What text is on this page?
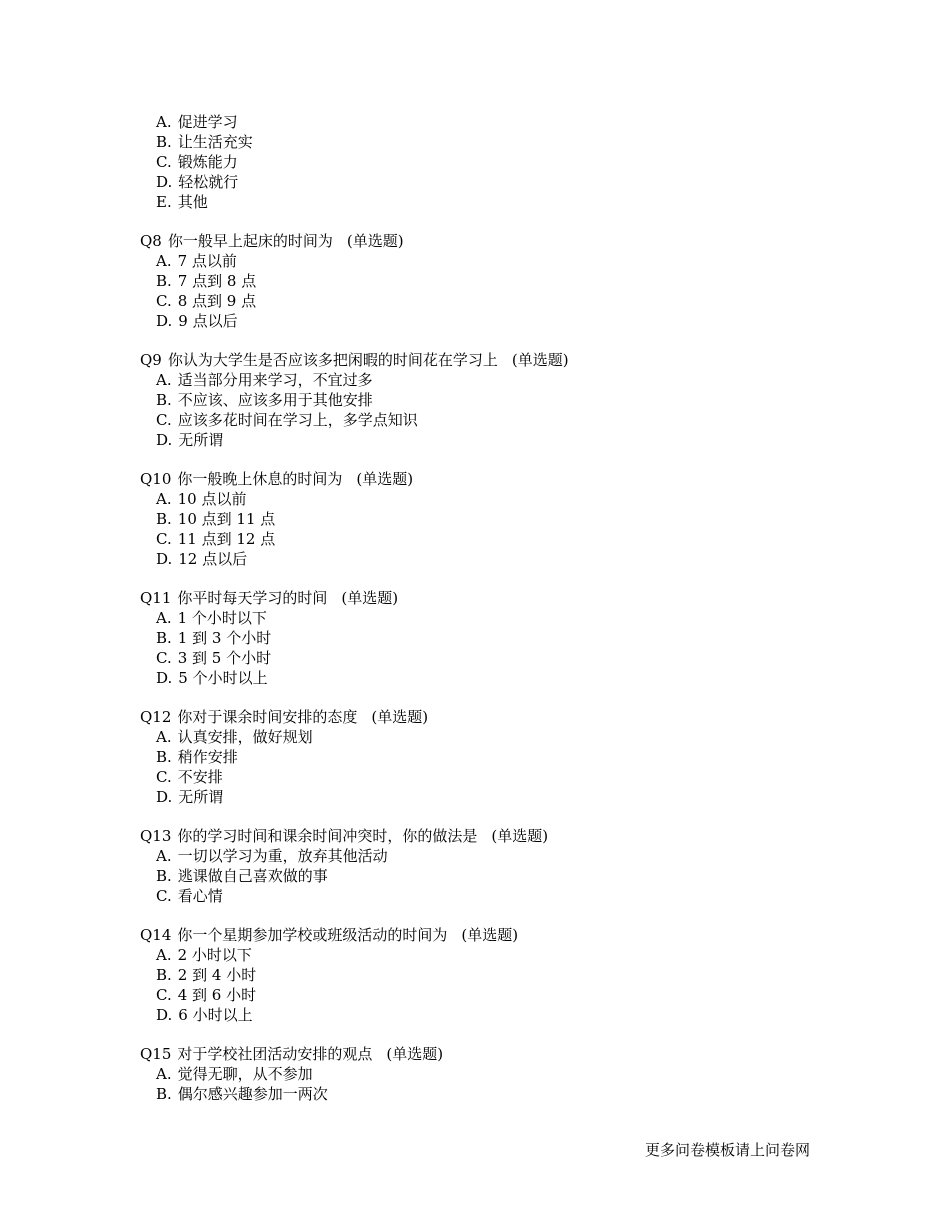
A. 促进学习
B. 让生活充实
C. 锻炼能力
D. 轻松就行
E. 其他
Q8 你一般早上起床的时间为 (单选题)
A. 7 点以前
B. 7 点到 8 点
C. 8 点到 9 点
D. 9 点以后
Q9 你认为大学生是否应该多把闲暇的时间花在学习上 (单选题)
A. 适当部分用来学习，不宜过多
B. 不应该、应该多用于其他安排
C. 应该多花时间在学习上，多学点知识
D. 无所谓
Q10 你一般晚上休息的时间为 (单选题)
A. 10 点以前
B. 10 点到 11 点
C. 11 点到 12 点
D. 12 点以后
Q11 你平时每天学习的时间 (单选题)
A. 1 个小时以下
B. 1 到 3 个小时
C. 3 到 5 个小时
D. 5 个小时以上
Q12 你对于课余时间安排的态度 (单选题)
A. 认真安排，做好规划
B. 稍作安排
C. 不安排
D. 无所谓
Q13 你的学习时间和课余时间冲突时，你的做法是 (单选题)
A. 一切以学习为重，放弃其他活动
B. 逃课做自己喜欢做的事
C. 看心情
Q14 你一个星期参加学校或班级活动的时间为 (单选题)
A. 2 小时以下
B. 2 到 4 小时
C. 4 到 6 小时
D. 6 小时以上
Q15 对于学校社团活动安排的观点 (单选题)
A. 觉得无聊，从不参加
B. 偶尔感兴趣参加一两次
更多问卷模板请上问卷网
